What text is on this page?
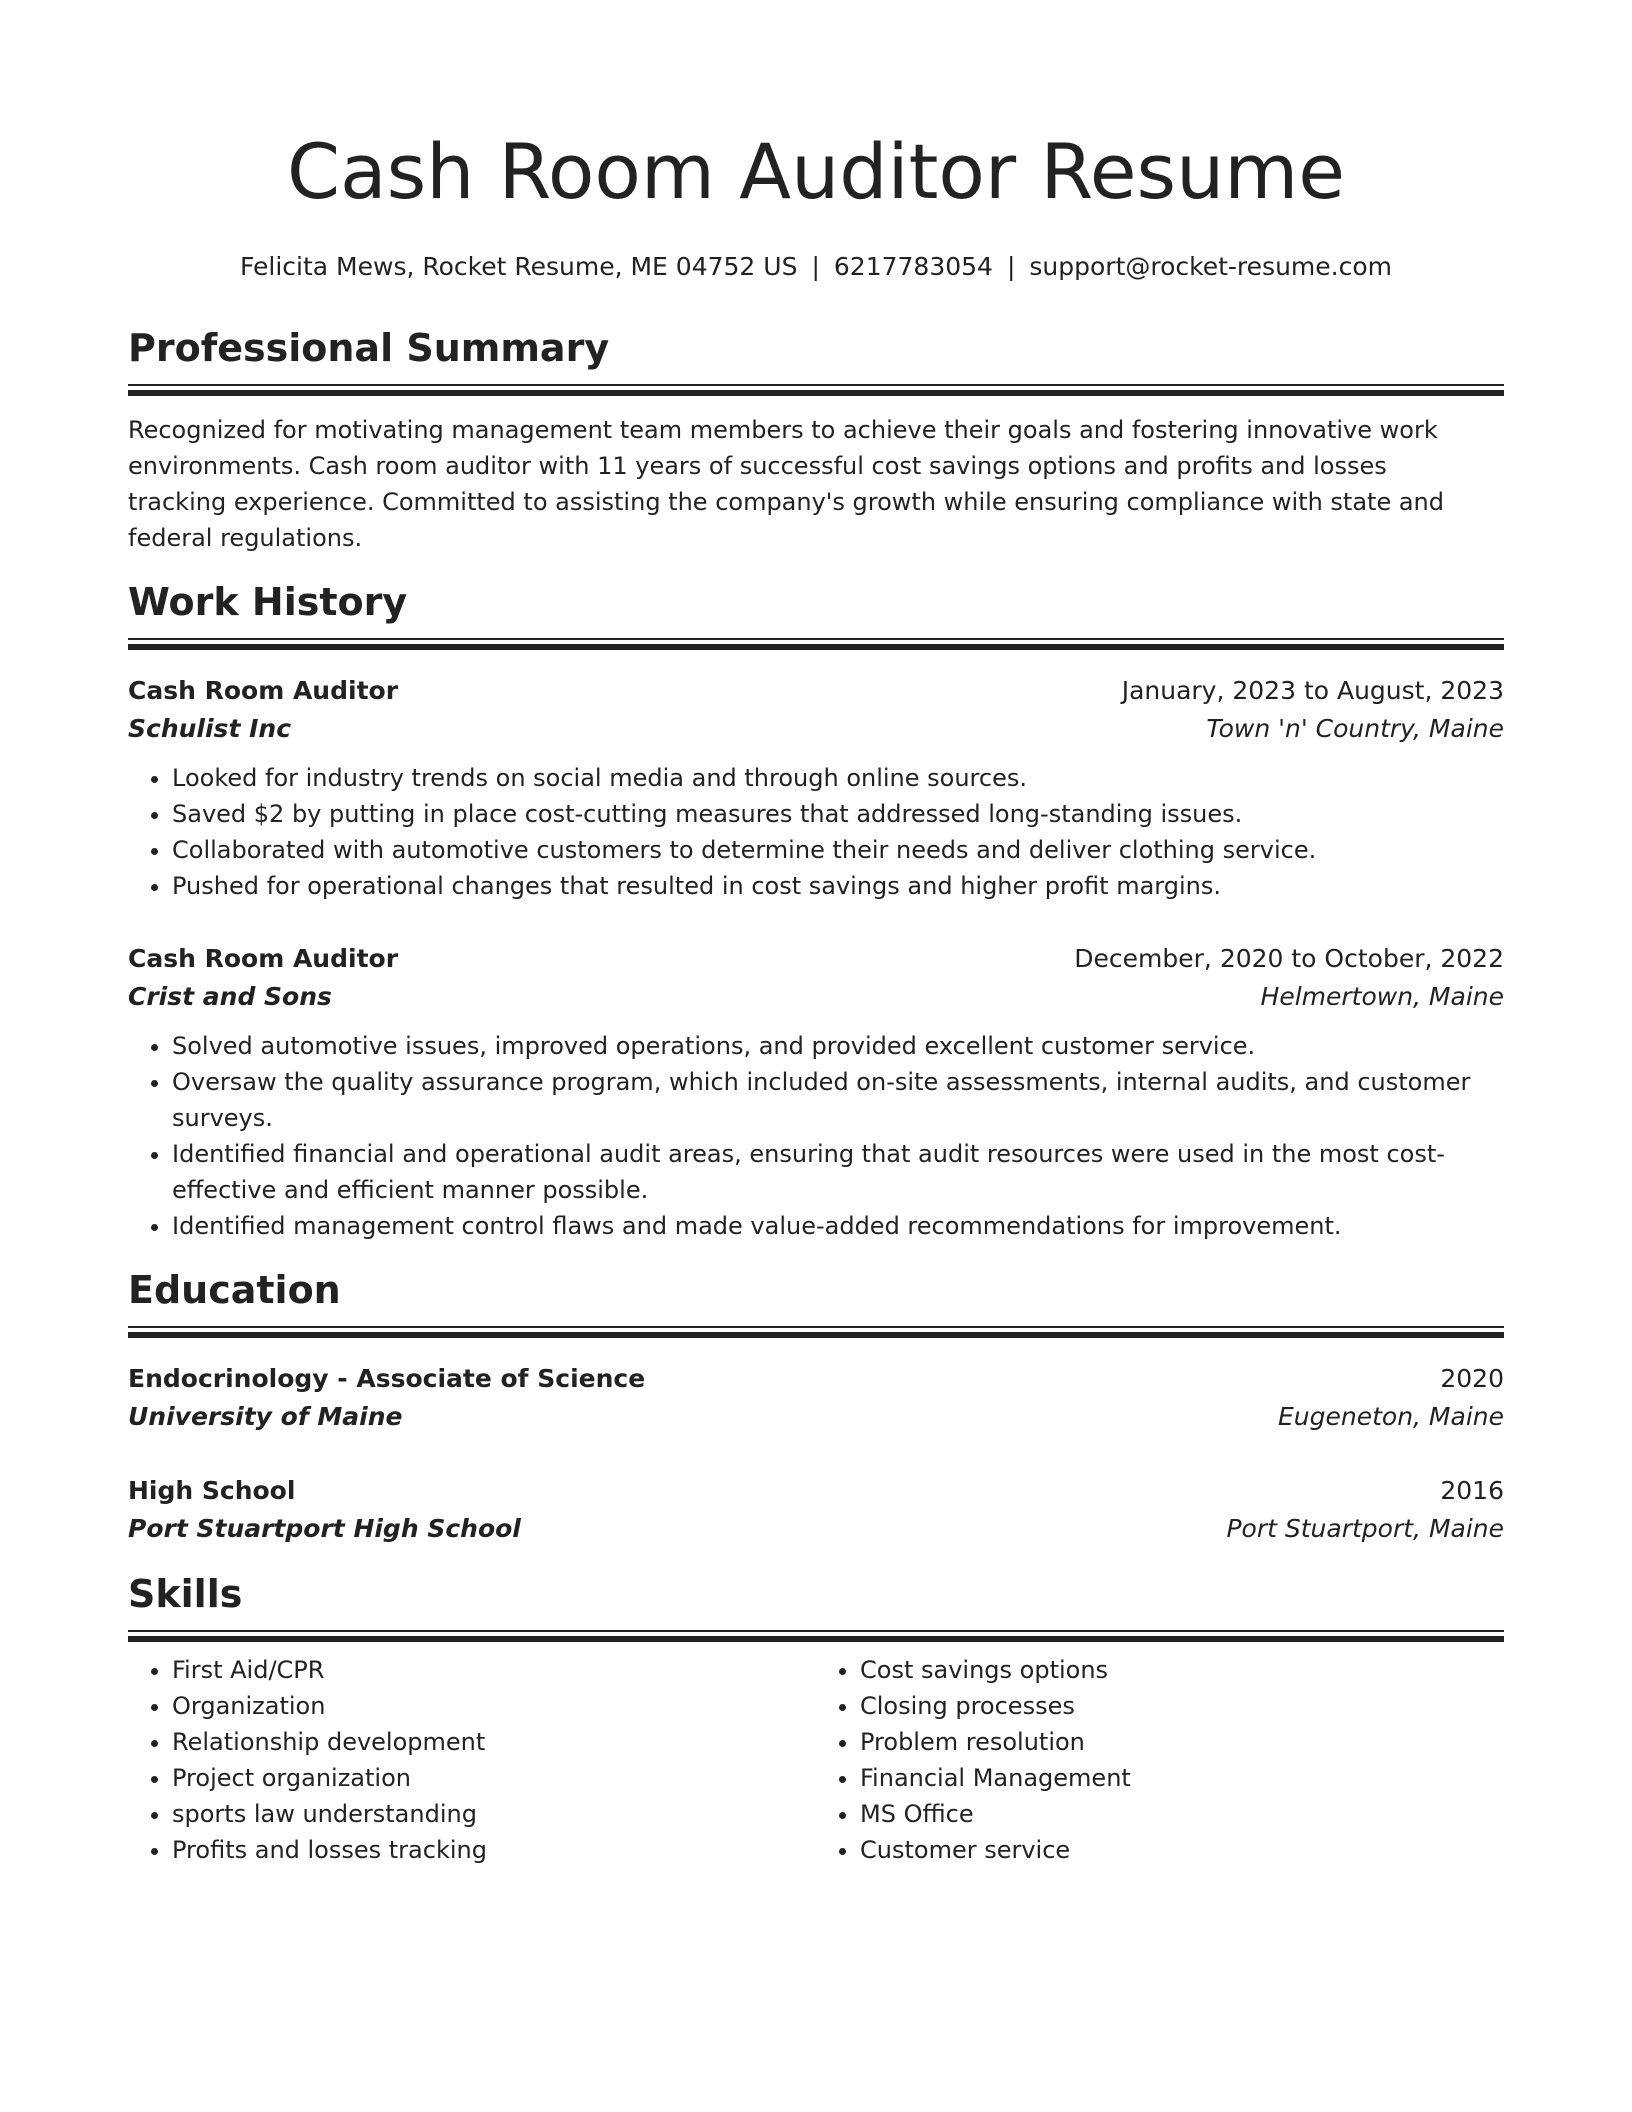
Cash Room Auditor Resume
Felicita Mews, Rocket Resume, ME 04752 US | 6217783054 | support@rocket-resume.com
Professional Summary

Recognized for motivating management team members to achieve their goals and fostering innovative work environments. Cash room auditor with 11 years of successful cost savings options and profits and losses tracking experience. Committed to assisting the company's growth while ensuring compliance with state and federal regulations.

Work History
Cash Room Auditor	January, 2023 to August, 2023
Schulist Inc	Town 'n' Country, Maine
• Looked for industry trends on social media and through online sources.
• Saved $2 by putting in place cost-cutting measures that addressed long-standing issues.
• Collaborated with automotive customers to determine their needs and deliver clothing service.
• Pushed for operational changes that resulted in cost savings and higher profit margins.
Cash Room Auditor	December, 2020 to October, 2022
Crist and Sons	Helmertown, Maine
• Solved automotive issues, improved operations, and provided excellent customer service.
• Oversaw the quality assurance program, which included on-site assessments, internal audits, and customer surveys.
• Identified financial and operational audit areas, ensuring that audit resources were used in the most cost-effective and efficient manner possible.
• Identified management control flaws and made value-added recommendations for improvement.
Education
Endocrinology - Associate of Science	2020
University of Maine	Eugeneton, Maine
High School	2016
Port Stuartport High School	Port Stuartport, Maine
Skills
• First Aid/CPR
• Organization
• Relationship development
• Project organization
• sports law understanding
• Profits and losses tracking
• Cost savings options
• Closing processes
• Problem resolution
• Financial Management
• MS Office
• Customer service
